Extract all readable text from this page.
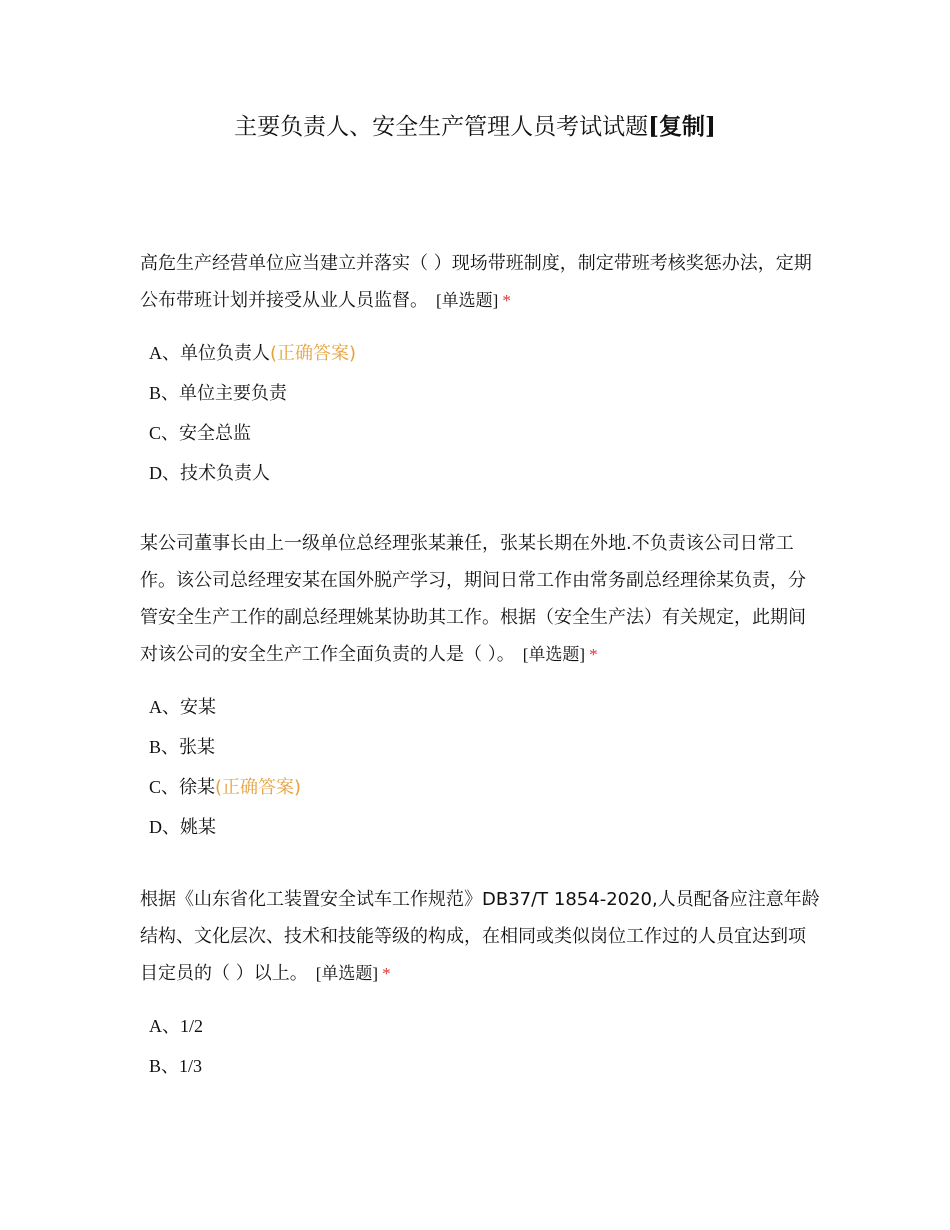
主要负责人、安全生产管理人员考试试题[复制]

高危生产经营单位应当建立并落实（ ）现场带班制度，制定带班考核奖惩办法，定期公布带班计划并接受从业人员监督。 [单选题] *

A、单位负责人(正确答案)
B、单位主要负责
C、安全总监
D、技术负责人

某公司董事长由上一级单位总经理张某兼任，张某长期在外地.不负责该公司日常工作。该公司总经理安某在国外脱产学习，期间日常工作由常务副总经理徐某负责，分管安全生产工作的副总经理姚某协助其工作。根据（安全生产法）有关规定，此期间对该公司的安全生产工作全面负责的人是（ ）。 [单选题] *

A、安某
B、张某
C、徐某(正确答案)
D、姚某

根据《山东省化工装置安全试车工作规范》DB37/T 1854-2020,人员配备应注意年龄结构、文化层次、技术和技能等级的构成，在相同或类似岗位工作过的人员宜达到项目定员的（ ）以上。 [单选题] *

A、1/2
B、1/3
